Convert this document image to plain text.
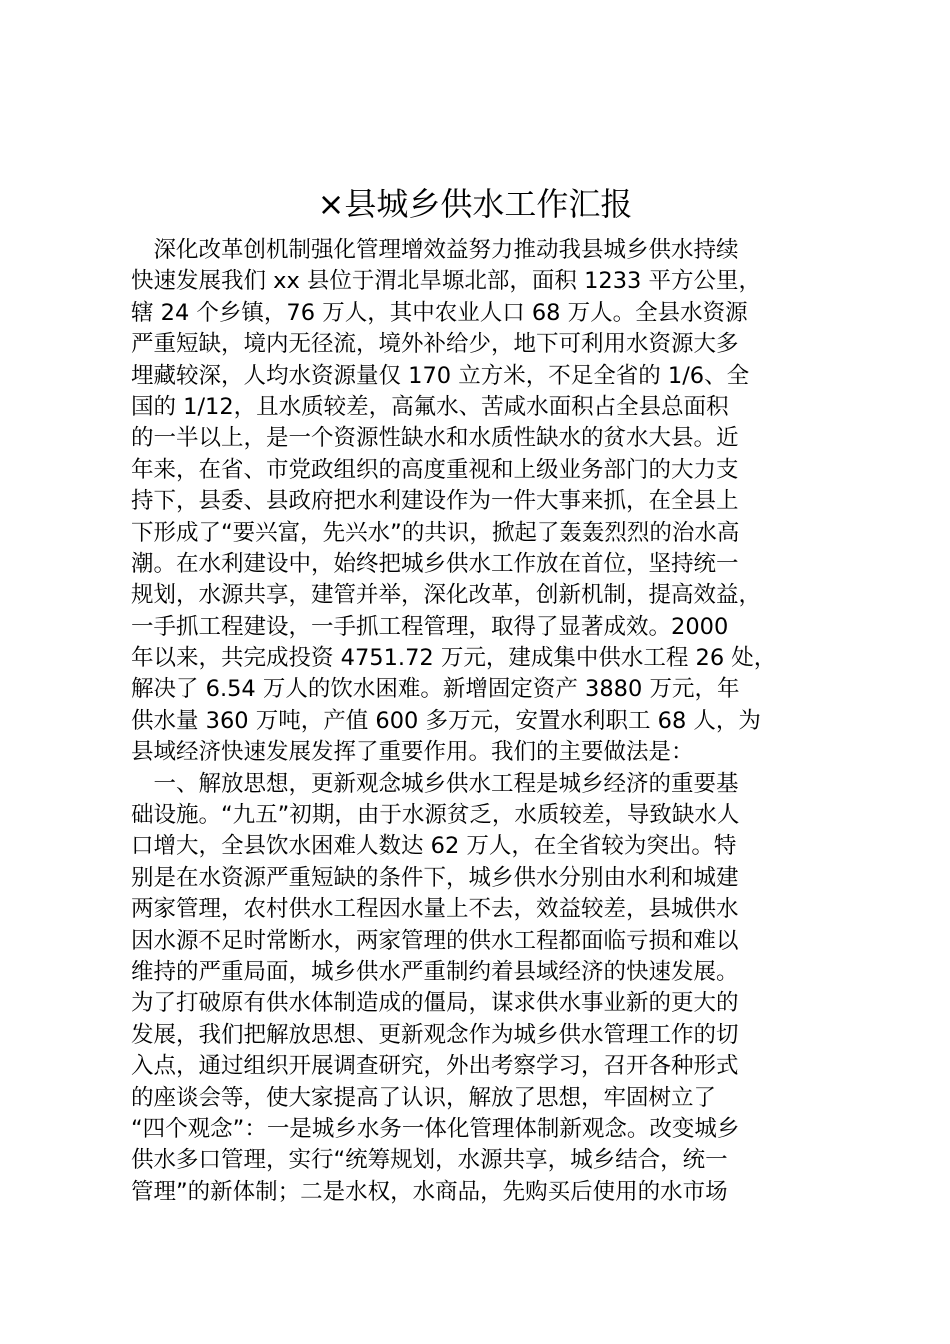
×县城乡供水工作汇报
　深化改革创机制强化管理增效益努力推动我县城乡供水持续
快速发展我们 xx 县位于渭北旱塬北部，面积 1233 平方公里，
辖 24 个乡镇，76 万人，其中农业人口 68 万人。全县水资源
严重短缺，境内无径流，境外补给少，地下可利用水资源大多
埋藏较深，人均水资源量仅 170 立方米，不足全省的 1/6、全
国的 1/12，且水质较差，高氟水、苦咸水面积占全县总面积
的一半以上，是一个资源性缺水和水质性缺水的贫水大县。近
年来，在省、市党政组织的高度重视和上级业务部门的大力支
持下，县委、县政府把水利建设作为一件大事来抓，在全县上
下形成了“要兴富，先兴水”的共识，掀起了轰轰烈烈的治水高
潮。在水利建设中，始终把城乡供水工作放在首位，坚持统一
规划，水源共享，建管并举，深化改革，创新机制，提高效益，
一手抓工程建设，一手抓工程管理，取得了显著成效。2000
年以来，共完成投资 4751.72 万元，建成集中供水工程 26 处，
解决了 6.54 万人的饮水困难。新增固定资产 3880 万元，年
供水量 360 万吨，产值 600 多万元，安置水利职工 68 人，为
县域经济快速发展发挥了重要作用。我们的主要做法是：
　一、解放思想，更新观念城乡供水工程是城乡经济的重要基
础设施。“九五”初期，由于水源贫乏，水质较差，导致缺水人
口增大，全县饮水困难人数达 62 万人，在全省较为突出。特
别是在水资源严重短缺的条件下，城乡供水分别由水利和城建
两家管理，农村供水工程因水量上不去，效益较差，县城供水
因水源不足时常断水，两家管理的供水工程都面临亏损和难以
维持的严重局面，城乡供水严重制约着县域经济的快速发展。
为了打破原有供水体制造成的僵局，谋求供水事业新的更大的
发展，我们把解放思想、更新观念作为城乡供水管理工作的切
入点，通过组织开展调查研究，外出考察学习，召开各种形式
的座谈会等，使大家提高了认识，解放了思想，牢固树立了
“四个观念”：一是城乡水务一体化管理体制新观念。改变城乡
供水多口管理，实行“统筹规划，水源共享，城乡结合，统一
管理”的新体制；二是水权，水商品，先购买后使用的水市场
